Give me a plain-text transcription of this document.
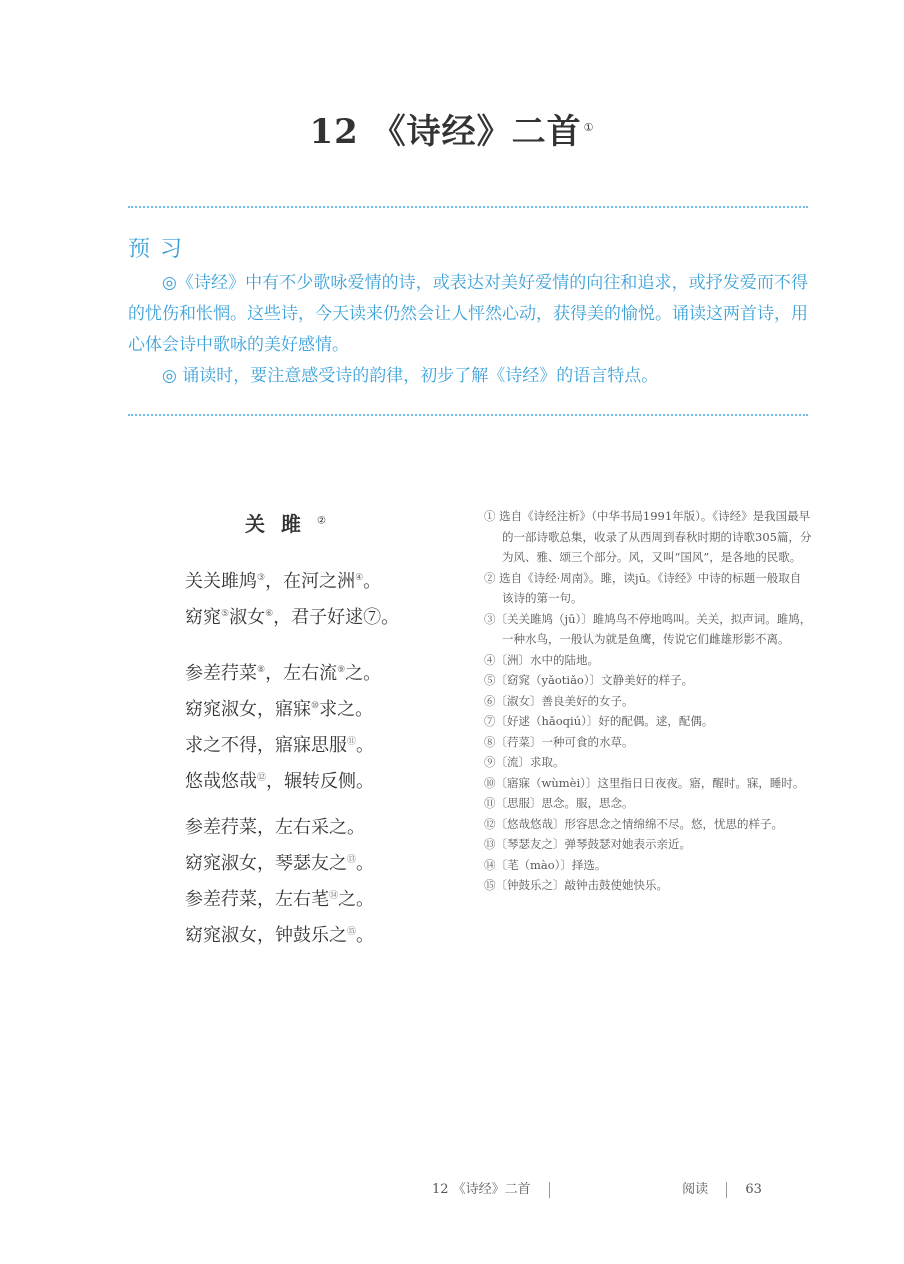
12 《诗经》二首 ①
预习

◎《诗经》中有不少歌咏爱情的诗，或表达对美好爱情的向往和追求，或抒发爱而不得的忧伤和怅惘。这些诗，今天读来仍然会让人怦然心动，获得美的愉悦。诵读这两首诗，用心体会诗中歌咏的美好感情。

◎ 诵读时，要注意感受诗的韵律，初步了解《诗经》的语言特点。

关雎②
关关雎鸠③，在河之洲④。
窈窕⑤淑女⑥，君子好逑⑦。
参差荇菜⑧，左右流⑨之。
窈窕淑女，寤寐⑩求之。
求之不得，寤寐思服⑪。
悠哉悠哉⑫，辗转反侧。
参差荇菜，左右采之。
窈窕淑女，琴瑟友之⑬。
参差荇菜，左右芼⑭之。
窈窕淑女，钟鼓乐之⑮。

① 选自《诗经注析》（中华书局1991年版）。《诗经》是我国最早的一部诗歌总集，收录了从西周到春秋时期的诗歌305篇，分为风、雅、颂三个部分。风，又叫“国风”，是各地的民歌。

② 选自《诗经·周南》。雎，读jū。《诗经》中诗的标题一般取自该诗的第一句。

③〔关关雎鸠（jū）〕雎鸠鸟不停地鸣叫。关关，拟声词。雎鸠，一种水鸟，一般认为就是鱼鹰，传说它们雌雄形影不离。

④〔洲〕水中的陆地。

⑤〔窈窕（yǎotiǎo）〕文静美好的样子。

⑥〔淑女〕善良美好的女子。

⑦〔好逑（hǎoqiú）〕好的配偶。逑，配偶。

⑧〔荇菜〕一种可食的水草。

⑨〔流〕求取。

⑩〔寤寐（wùmèi）〕这里指日日夜夜。寤，醒时。寐，睡时。

⑪〔思服〕思念。服，思念。

⑫〔悠哉悠哉〕形容思念之情绵绵不尽。悠，忧思的样子。

⑬〔琴瑟友之〕弹琴鼓瑟对她表示亲近。

⑭〔芼（mào）〕择选。

⑮〔钟鼓乐之〕敲钟击鼓使她快乐。

12 《诗经》二首	阅读	63
